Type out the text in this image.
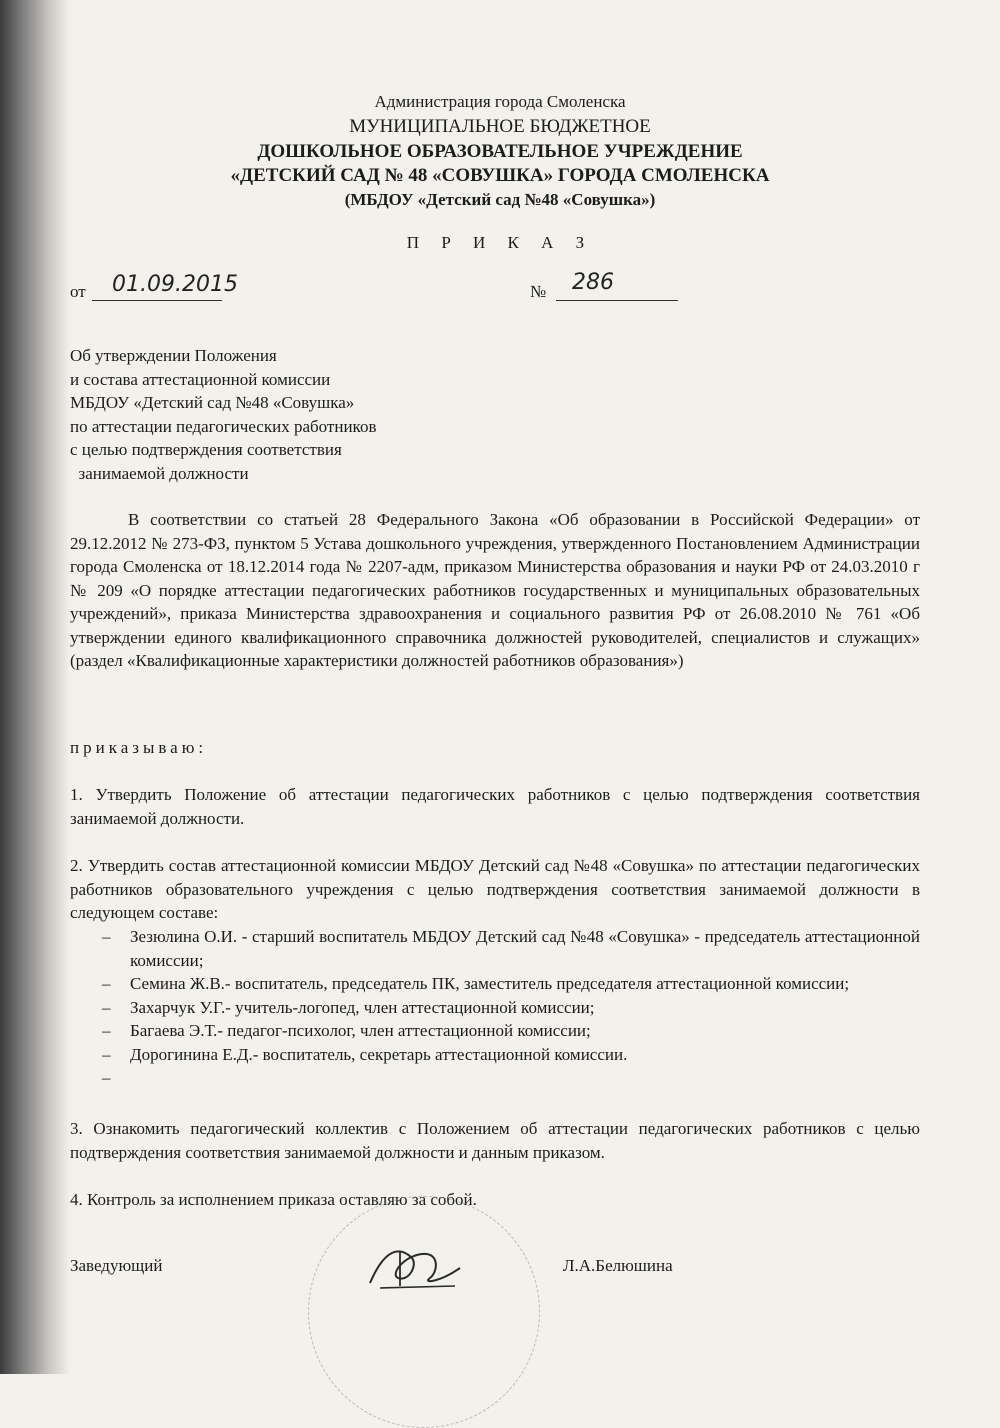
Администрация города Смоленска
МУНИЦИПАЛЬНОЕ БЮДЖЕТНОЕ
ДОШКОЛЬНОЕ ОБРАЗОВАТЕЛЬНОЕ УЧРЕЖДЕНИЕ
«ДЕТСКИЙ САД № 48 «СОВУШКА» ГОРОДА СМОЛЕНСКА
(МБДОУ «Детский сад №48 «Совушка»)
П Р И К А З
от 01.09.2015	№ 286
Об утверждении Положения
и состава аттестационной комиссии
МБДОУ «Детский сад №48 «Совушка»
по аттестации педагогических работников
с целью подтверждения соответствия
занимаемой должности
В соответствии со статьей 28 Федерального Закона «Об образовании в Российской Федерации» от 29.12.2012 № 273-ФЗ, пунктом 5 Устава дошкольного учреждения, утвержденного Постановлением Администрации города Смоленска от 18.12.2014 года № 2207-адм, приказом Министерства образования и науки РФ от 24.03.2010 г № 209 «О порядке аттестации педагогических работников государственных и муниципальных образовательных учреждений», приказа Министерства здравоохранения и социального развития РФ от 26.08.2010 № 761 «Об утверждении единого квалификационного справочника должностей руководителей, специалистов и служащих» (раздел «Квалификационные характеристики должностей работников образования»)
приказываю:
1. Утвердить Положение об аттестации педагогических работников с целью подтверждения соответствия занимаемой должности.
2. Утвердить состав аттестационной комиссии МБДОУ Детский сад №48 «Совушка» по аттестации педагогических работников образовательного учреждения с целью подтверждения соответствия занимаемой должности в следующем составе:
– Зезюлина О.И. - старший воспитатель МБДОУ Детский сад №48 «Совушка» - председатель аттестационной комиссии;
– Семина Ж.В.- воспитатель, председатель ПК, заместитель председателя аттестационной комиссии;
– Захарчук У.Г.- учитель-логопед, член аттестационной комиссии;
– Багаева Э.Т.- педагог-психолог, член аттестационной комиссии;
– Дорогинина Е.Д.- воспитатель, секретарь аттестационной комиссии.
–
3. Ознакомить педагогический коллектив с Положением об аттестации педагогических работников с целью подтверждения соответствия занимаемой должности и данным приказом.
4. Контроль за исполнением приказа оставляю за собой.
Заведующий	Л.А.Белюшина
